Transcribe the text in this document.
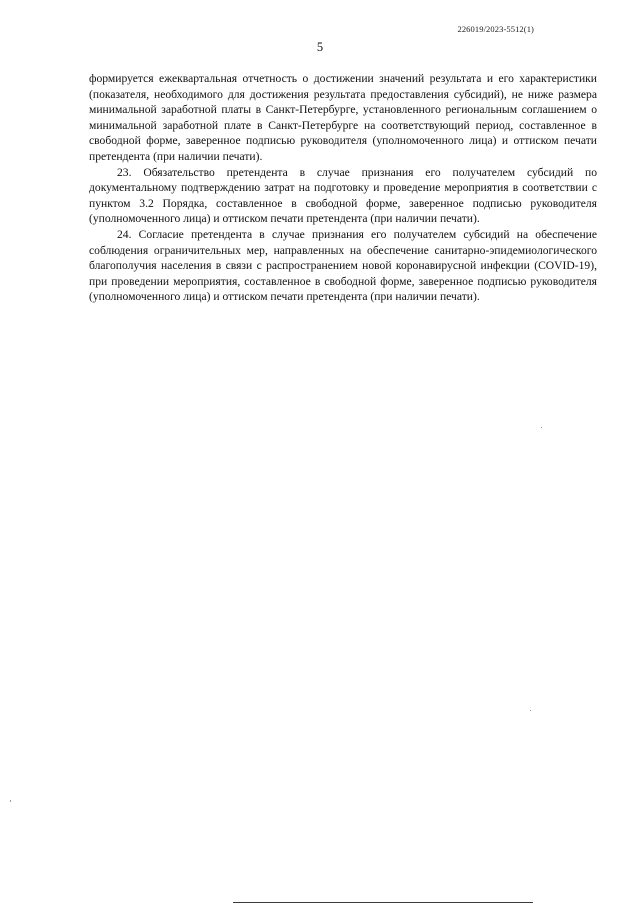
226019/2023-5512(1)
5

формируется ежеквартальная отчетность о достижении значений результата и его характеристики (показателя, необходимого для достижения результата предоставления субсидий), не ниже размера минимальной заработной платы в Санкт-Петербурге, установленного региональным соглашением о минимальной заработной плате в Санкт-Петербурге на соответствующий период, составленное в свободной форме, заверенное подписью руководителя (уполномоченного лица) и оттиском печати претендента (при наличии печати).

23. Обязательство претендента в случае признания его получателем субсидий по документальному подтверждению затрат на подготовку и проведение мероприятия в соответствии с пунктом 3.2 Порядка, составленное в свободной форме, заверенное подписью руководителя (уполномоченного лица) и оттиском печати претендента (при наличии печати).

24. Согласие претендента в случае признания его получателем субсидий на обеспечение соблюдения ограничительных мер, направленных на обеспечение санитарно-эпидемиологического благополучия населения в связи с распространением новой коронавирусной инфекции (COVID-19), при проведении мероприятия, составленное в свободной форме, заверенное подписью руководителя (уполномоченного лица) и оттиском печати претендента (при наличии печати).
